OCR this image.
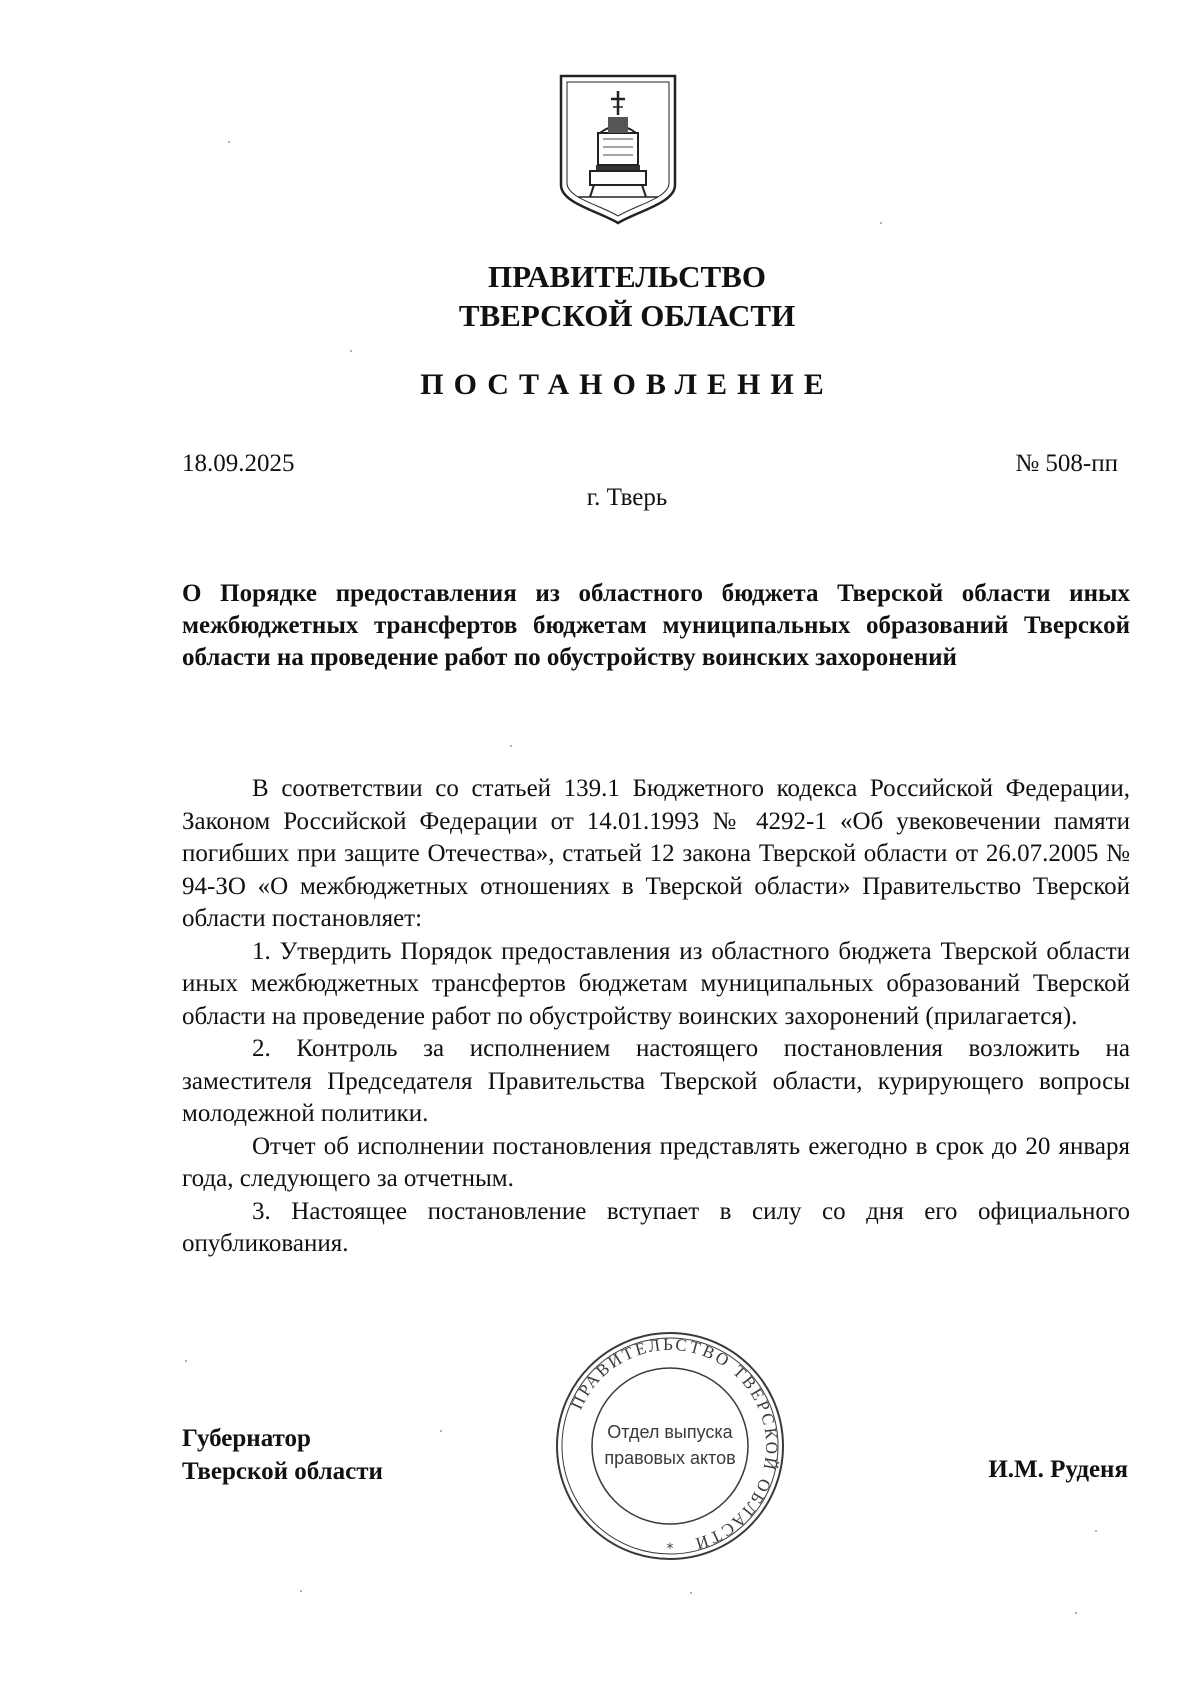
ПРАВИТЕЛЬСТВО
ТВЕРСКОЙ ОБЛАСТИ
ПОСТАНОВЛЕНИЕ
18.09.2025	№ 508-пп
г. Тверь
О Порядке предоставления из областного бюджета Тверской области иных межбюджетных трансфертов бюджетам муниципальных образований Тверской области на проведение работ по обустройству воинских захоронений

В соответствии со статьей 139.1 Бюджетного кодекса Российской Федерации, Законом Российской Федерации от 14.01.1993 № 4292-1 «Об увековечении памяти погибших при защите Отечества», статьей 12 закона Тверской области от 26.07.2005 № 94-ЗО «О межбюджетных отношениях в Тверской области» Правительство Тверской области постановляет:

1. Утвердить Порядок предоставления из областного бюджета Тверской области иных межбюджетных трансфертов бюджетам муниципальных образований Тверской области на проведение работ по обустройству воинских захоронений (прилагается).

2. Контроль за исполнением настоящего постановления возложить на заместителя Председателя Правительства Тверской области, курирующего вопросы молодежной политики.

Отчет об исполнении постановления представлять ежегодно в срок до 20 января года, следующего за отчетным.

3. Настоящее постановление вступает в силу со дня его официального опубликования.

Губернатор
Тверской области	И.М. Руденя
ПРАВИТЕЛЬСТВО ТВЕРСКОЙ ОБЛАСТИ
*
Отдел выпуска
правовых актов
